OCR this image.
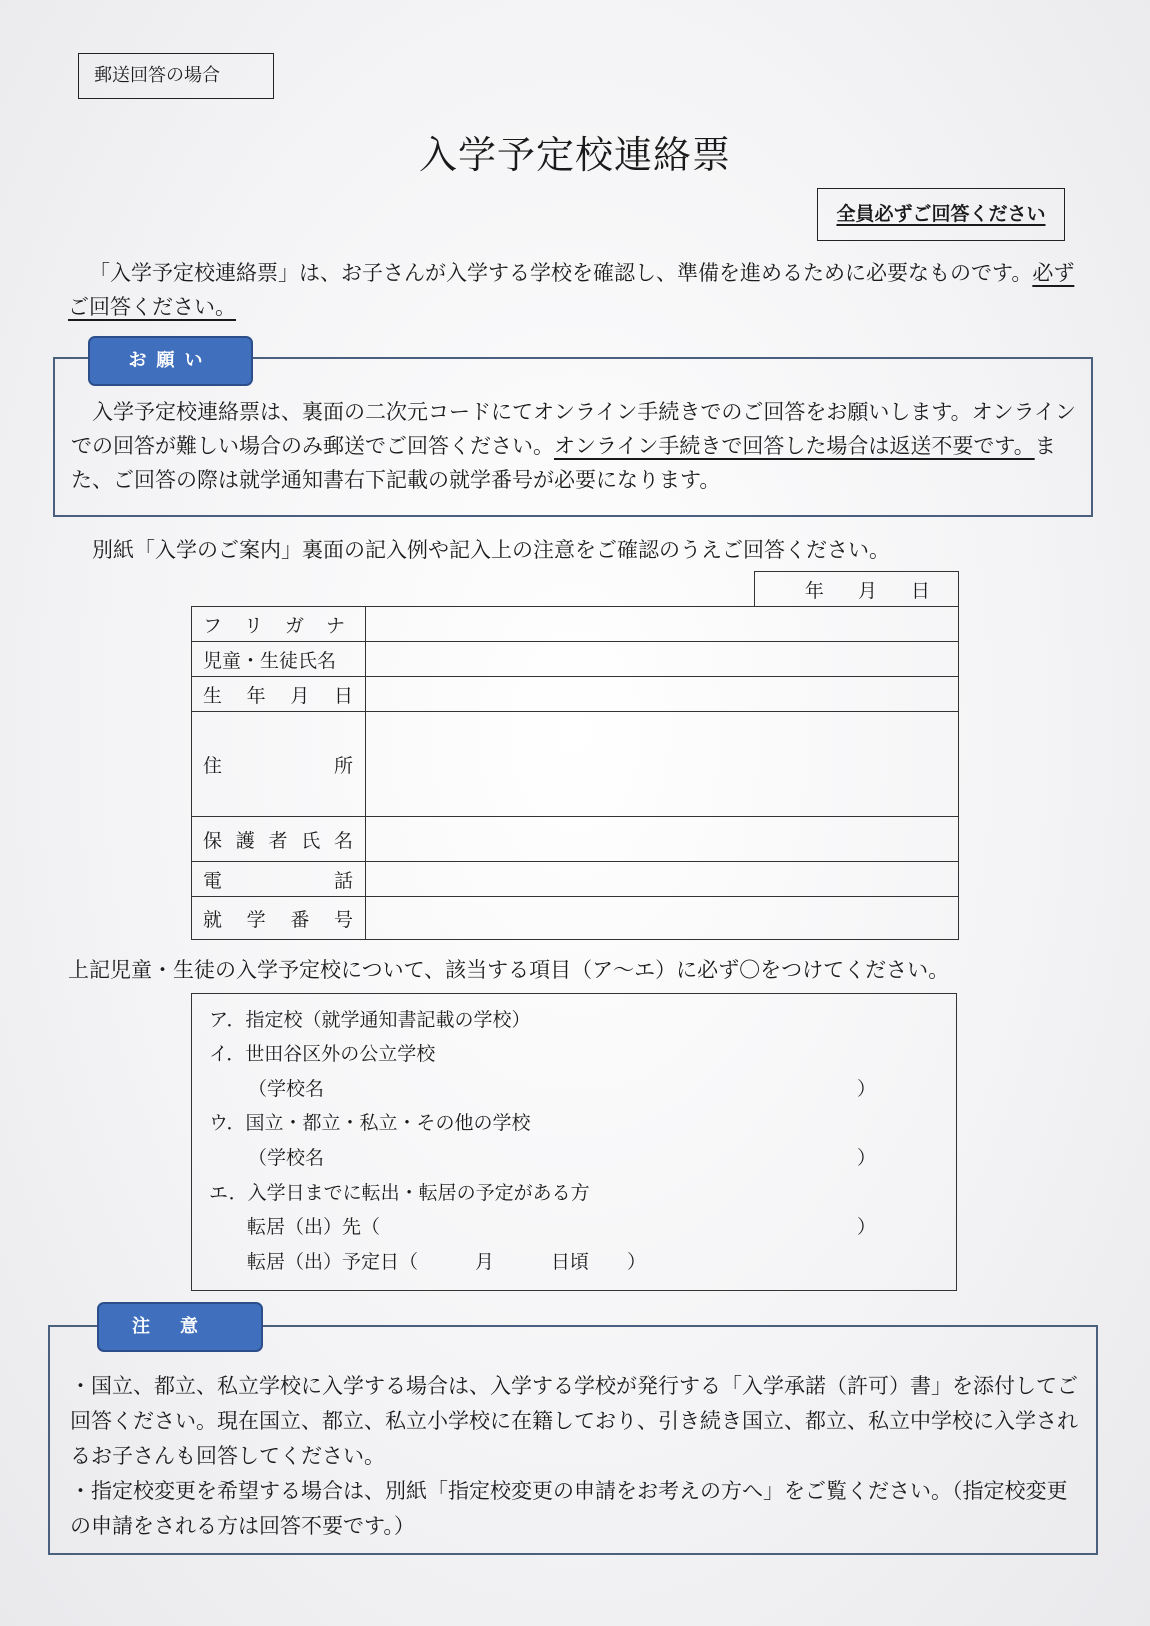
郵送回答の場合
入学予定校連絡票
全員必ずご回答ください
「入学予定校連絡票」は、お子さんが入学する学校を確認し、準備を進めるために必要なものです。必ずご回答ください。
入学予定校連絡票は、裏面の二次元コードにてオンライン手続きでのご回答をお願いします。オンラインでの回答が難しい場合のみ郵送でご回答ください。オンライン手続きで回答した場合は返送不要です。また、ご回答の際は就学通知書右下記載の就学番号が必要になります。
お願い
別紙「入学のご案内」裏面の記入例や記入上の注意をご確認のうえご回答ください。
		年 月 日

フ リ ガ ナ		

児童・生徒氏名		

生 年 月 日		

住 所		

保 護 者 氏 名		

電 話		

就 学 番 号		

上記児童・生徒の入学予定校について、該当する項目（ア～エ）に必ず〇をつけてください。
ア．指定校（就学通知書記載の学校）
イ．世田谷区外の公立学校
（学校名	）
ウ．国立・都立・私立・その他の学校
（学校名	）
エ．入学日までに転出・転居の予定がある方
転居（出）先（	）
転居（出）予定日（　　　月　　　日頃　　）
・国立、都立、私立学校に入学する場合は、入学する学校が発行する「入学承諾（許可）書」を添付してご回答ください。現在国立、都立、私立小学校に在籍しており、引き続き国立、都立、私立中学校に入学されるお子さんも回答してください。
・指定校変更を希望する場合は、別紙「指定校変更の申請をお考えの方へ」をご覧ください。（指定校変更の申請をされる方は回答不要です。）
注意
